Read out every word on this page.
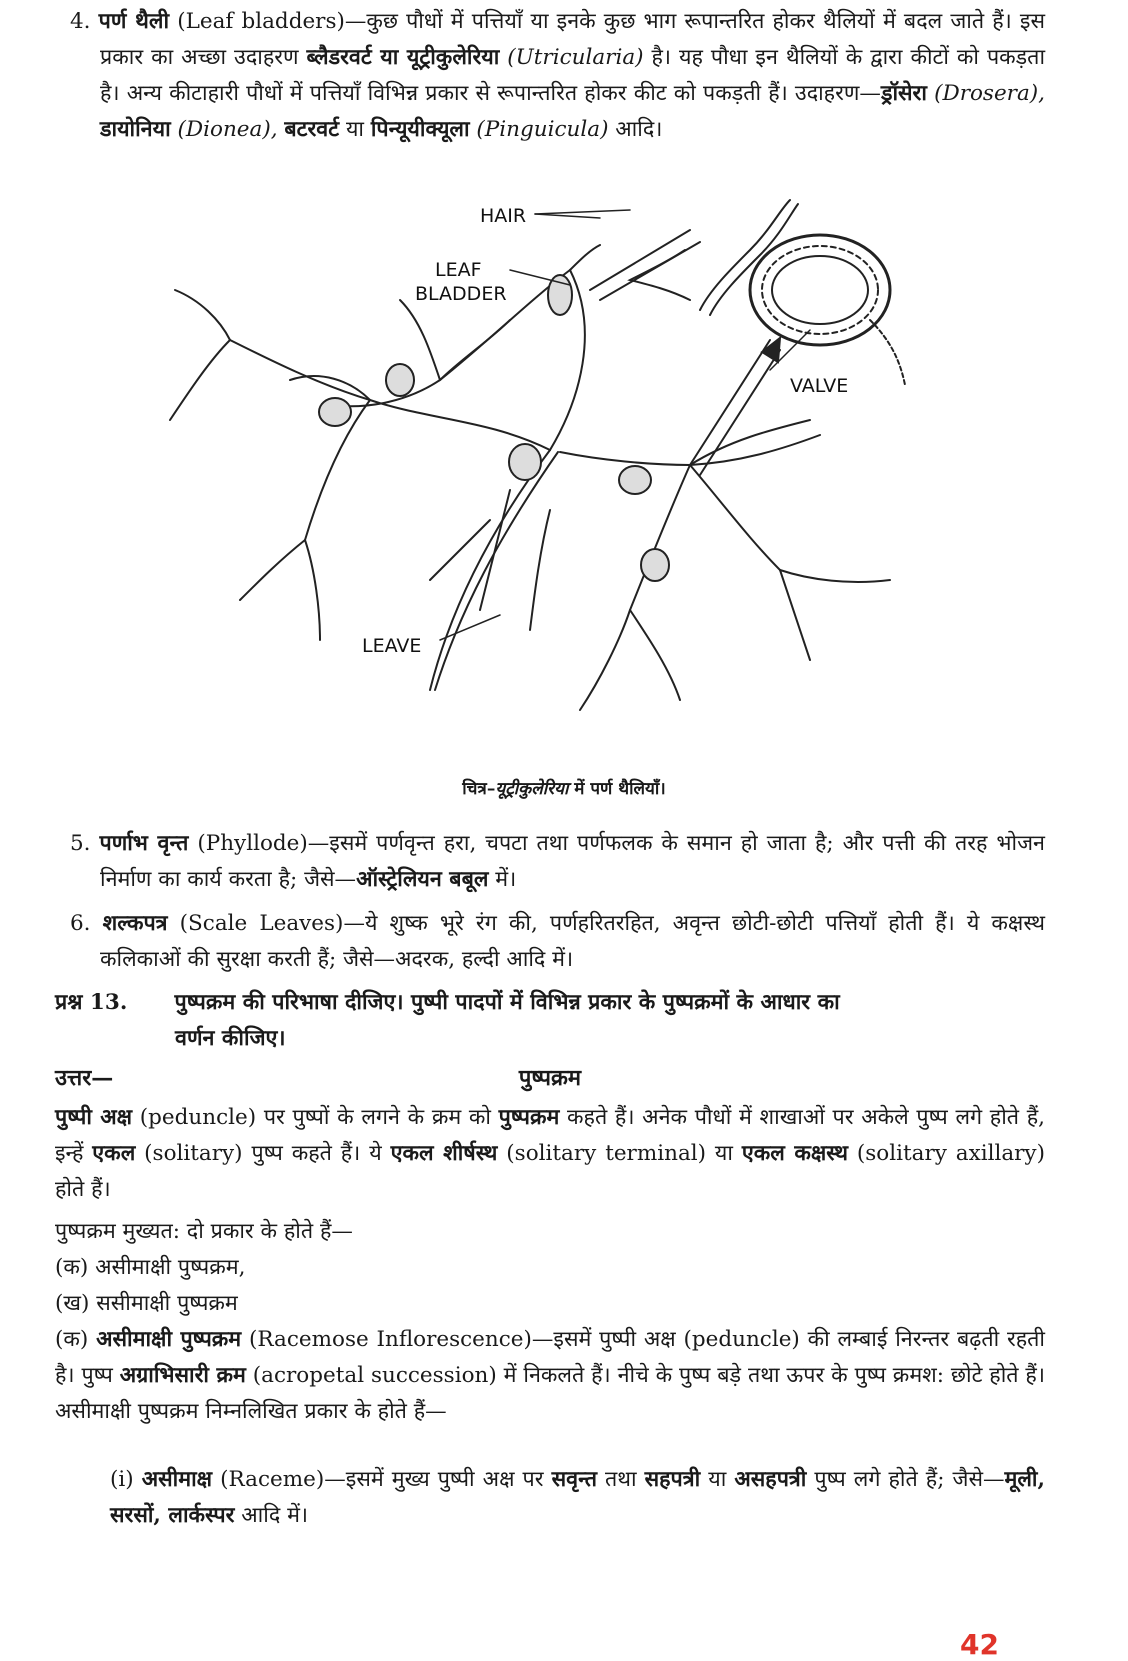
4. पर्ण थैली (Leaf bladders)—कुछ पौधों में पत्तियाँ या इनके कुछ भाग रूपान्तरित होकर थैलियों में बदल जाते हैं। इस प्रकार का अच्छा उदाहरण ब्लैडरवर्ट या यूट्रीकुलेरिया (Utricularia) है। यह पौधा इन थैलियों के द्वारा कीटों को पकड़ता है। अन्य कीटाहारी पौधों में पत्तियाँ विभिन्न प्रकार से रूपान्तरित होकर कीट को पकड़ती हैं। उदाहरण—ड्रॉसेरा (Drosera), डायोनिया (Dionea), बटरवर्ट या पिन्यूयीक्यूला (Pinguicula) आदि।
HAIR
LEAF
BLADDER
VALVE
LEAVE
चित्र–यूट्रीकुलेरिया में पर्ण थैलियाँ।
5. पर्णाभ वृन्त (Phyllode)—इसमें पर्णवृन्त हरा, चपटा तथा पर्णफलक के समान हो जाता है; और पत्ती की तरह भोजन निर्माण का कार्य करता है; जैसे—ऑस्ट्रेलियन बबूल में।
6. शल्कपत्र (Scale Leaves)—ये शुष्क भूरे रंग की, पर्णहरितरहित, अवृन्त छोटी-छोटी पत्तियाँ होती हैं। ये कक्षस्थ कलिकाओं की सुरक्षा करती हैं; जैसे—अदरक, हल्दी आदि में।
प्रश्न 13. पुष्पक्रम की परिभाषा दीजिए। पुष्पी पादपों में विभिन्न प्रकार के पुष्पक्रमों के आधार का
वर्णन कीजिए।
उत्तर—	पुष्पक्रम
पुष्पी अक्ष (peduncle) पर पुष्पों के लगने के क्रम को पुष्पक्रम कहते हैं। अनेक पौधों में शाखाओं पर अकेले पुष्प लगे होते हैं, इन्हें एकल (solitary) पुष्प कहते हैं। ये एकल शीर्षस्थ (solitary terminal) या एकल कक्षस्थ (solitary axillary) होते हैं।
पुष्पक्रम मुख्यत: दो प्रकार के होते हैं—
(क) असीमाक्षी पुष्पक्रम,
(ख) ससीमाक्षी पुष्पक्रम
(क) असीमाक्षी पुष्पक्रम (Racemose Inflorescence)—इसमें पुष्पी अक्ष (peduncle) की लम्बाई निरन्तर बढ़ती रहती है। पुष्प अग्राभिसारी क्रम (acropetal succession) में निकलते हैं। नीचे के पुष्प बड़े तथा ऊपर के पुष्प क्रमश: छोटे होते हैं। असीमाक्षी पुष्पक्रम निम्नलिखित प्रकार के होते हैं—
(i) असीमाक्ष (Raceme)—इसमें मुख्य पुष्पी अक्ष पर सवृन्त तथा सहपत्री या असहपत्री पुष्प लगे होते हैं; जैसे—मूली, सरसों, लार्कस्पर आदि में।
42
